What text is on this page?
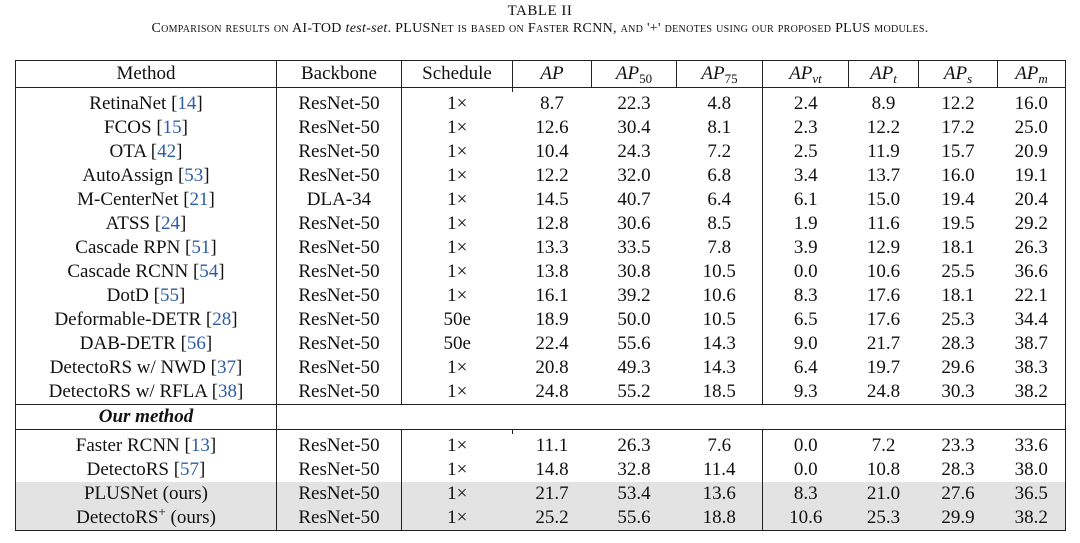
TABLE II
Comparison results on AI-TOD test-set. PLUSNet is based on Faster RCNN, and '+' denotes using our proposed PLUS modules.
Method	Backbone	Schedule	AP	$AP_{50}$	$AP_{75}$	$AP_{vt}$	$AP_t$	$AP_s$	$AP_m$

RetinaNet [14]	ResNet-50	1×	8.7	22.3	4.8	2.4	8.9	12.2	16.0
FCOS [15]	ResNet-50	1×	12.6	30.4	8.1	2.3	12.2	17.2	25.0
OTA [42]	ResNet-50	1×	10.4	24.3	7.2	2.5	11.9	15.7	20.9
AutoAssign [53]	ResNet-50	1×	12.2	32.0	6.8	3.4	13.7	16.0	19.1
M-CenterNet [21]	DLA-34	1×	14.5	40.7	6.4	6.1	15.0	19.4	20.4
ATSS [24]	ResNet-50	1×	12.8	30.6	8.5	1.9	11.6	19.5	29.2
Cascade RPN [51]	ResNet-50	1×	13.3	33.5	7.8	3.9	12.9	18.1	26.3
Cascade RCNN [54]	ResNet-50	1×	13.8	30.8	10.5	0.0	10.6	25.5	36.6
DotD [55]	ResNet-50	1×	16.1	39.2	10.6	8.3	17.6	18.1	22.1
Deformable-DETR [28]	ResNet-50	50e	18.9	50.0	10.5	6.5	17.6	25.3	34.4
DAB-DETR [56]	ResNet-50	50e	22.4	55.6	14.3	9.0	21.7	28.3	38.7
DetectoRS w/ NWD [37]	ResNet-50	1×	20.8	49.3	14.3	6.4	19.7	29.6	38.3
DetectoRS w/ RFLA [38]	ResNet-50	1×	24.8	55.2	18.5	9.3	24.8	30.3	38.2
Our method									

Faster RCNN [13]	ResNet-50	1×	11.1	26.3	7.6	0.0	7.2	23.3	33.6
DetectoRS [57]	ResNet-50	1×	14.8	32.8	11.4	0.0	10.8	28.3	38.0
PLUSNet (ours)	ResNet-50	1×	21.7	53.4	13.6	8.3	21.0	27.6	36.5
DetectoRS+ (ours)	ResNet-50	1×	25.2	55.6	18.8	10.6	25.3	29.9	38.2
